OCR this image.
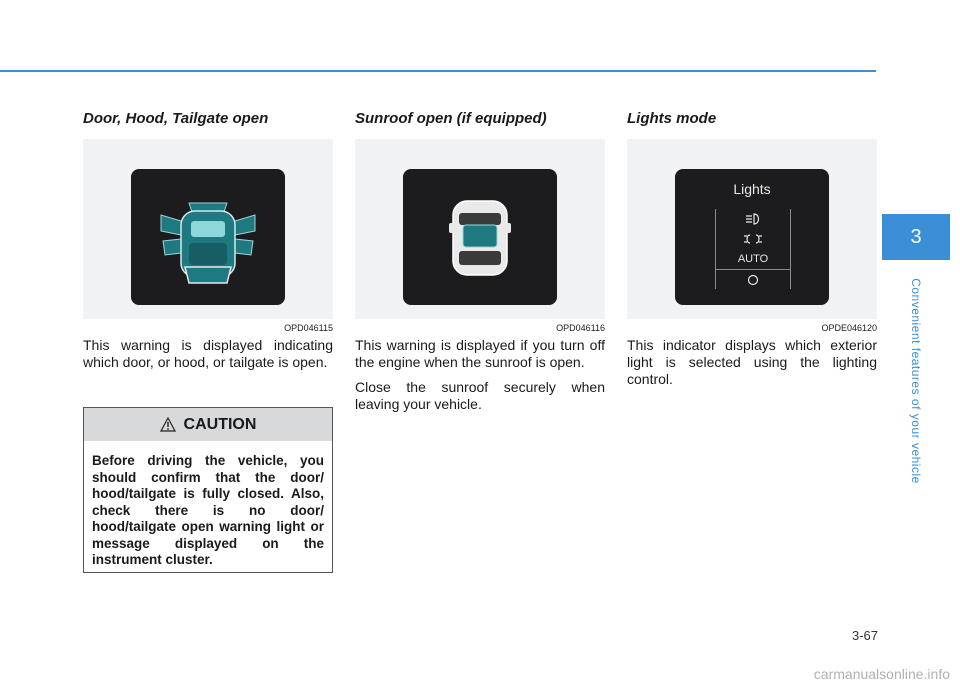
Door, Hood, Tailgate open

OPD046115

This warning is displayed indicating which door, or hood, or tailgate is open.

Sunroof open (if equipped)

OPD046116

This warning is displayed if you turn off the engine when the sunroof is open.

Close the sunroof securely when leaving your vehicle.

Lights mode
Lights
AUTO

OPDE046120

This indicator displays which exterior light is selected using the lighting control.

CAUTION

Before driving the vehicle, you should confirm that the door/ hood/tailgate is fully closed. Also, check there is no door/ hood/tailgate open warning light or message displayed on the instrument cluster.

3
Convenient features of your vehicle
3-67
carmanualsonline.info
